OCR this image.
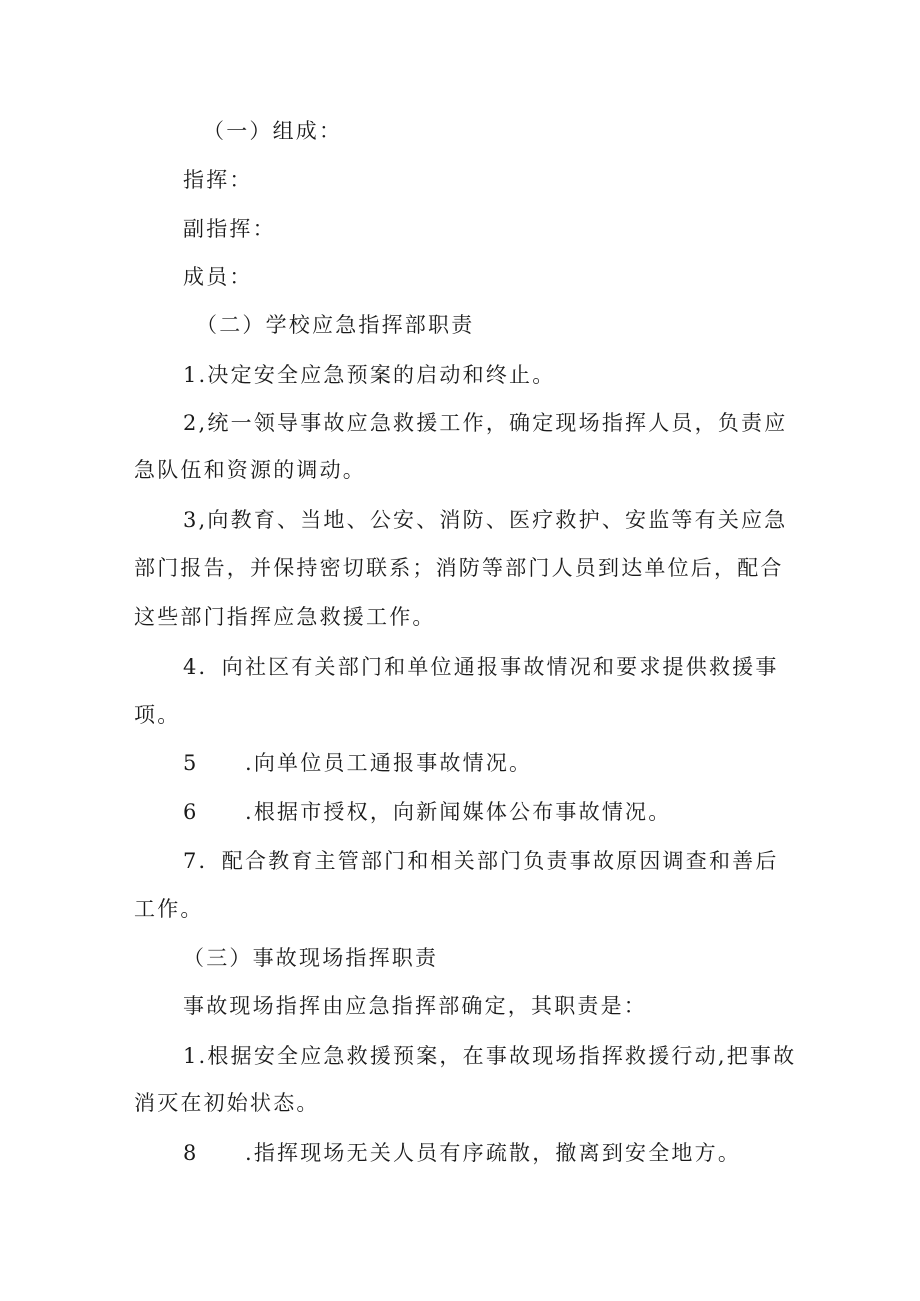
（一）组成：
指挥：
副指挥：
成员：
（二）学校应急指挥部职责
1.决定安全应急预案的启动和终止。
2,统一领导事故应急救援工作，确定现场指挥人员，负责应
急队伍和资源的调动。
3,向教育、当地、公安、消防、医疗救护、安监等有关应急
部门报告，并保持密切联系；消防等部门人员到达单位后，配合
这些部门指挥应急救援工作。
4．向社区有关部门和单位通报事故情况和要求提供救援事
项。
5　　.向单位员工通报事故情况。
6　　.根据市授权，向新闻媒体公布事故情况。
7．配合教育主管部门和相关部门负责事故原因调查和善后
工作。
（三）事故现场指挥职责
事故现场指挥由应急指挥部确定，其职责是：
1.根据安全应急救援预案，在事故现场指挥救援行动,把事故
消灭在初始状态。
8　　.指挥现场无关人员有序疏散，撤离到安全地方。
